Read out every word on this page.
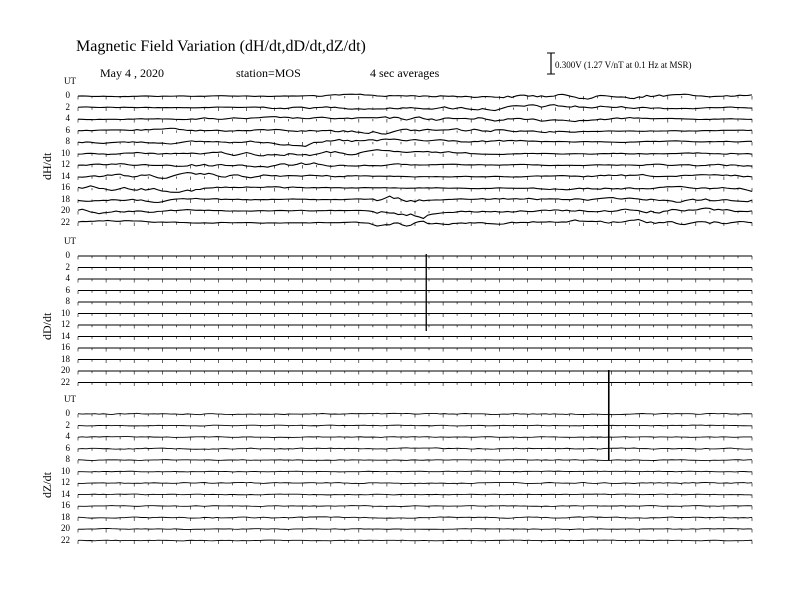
Magnetic Field Variation (dH/dt,dD/dt,dZ/dt)
May 4 , 2020	station=MOS	4 sec averages
0.300V (1.27 V/nT at 0.1 Hz at MSR)
UT
dH/dt
0
2
4
6
8
10
12
14
16
18
20
22
UT
dD/dt
0
2
4
6
8
10
12
14
16
18
20
22
UT
dZ/dt
0
2
4
6
8
10
12
14
16
18
20
22
